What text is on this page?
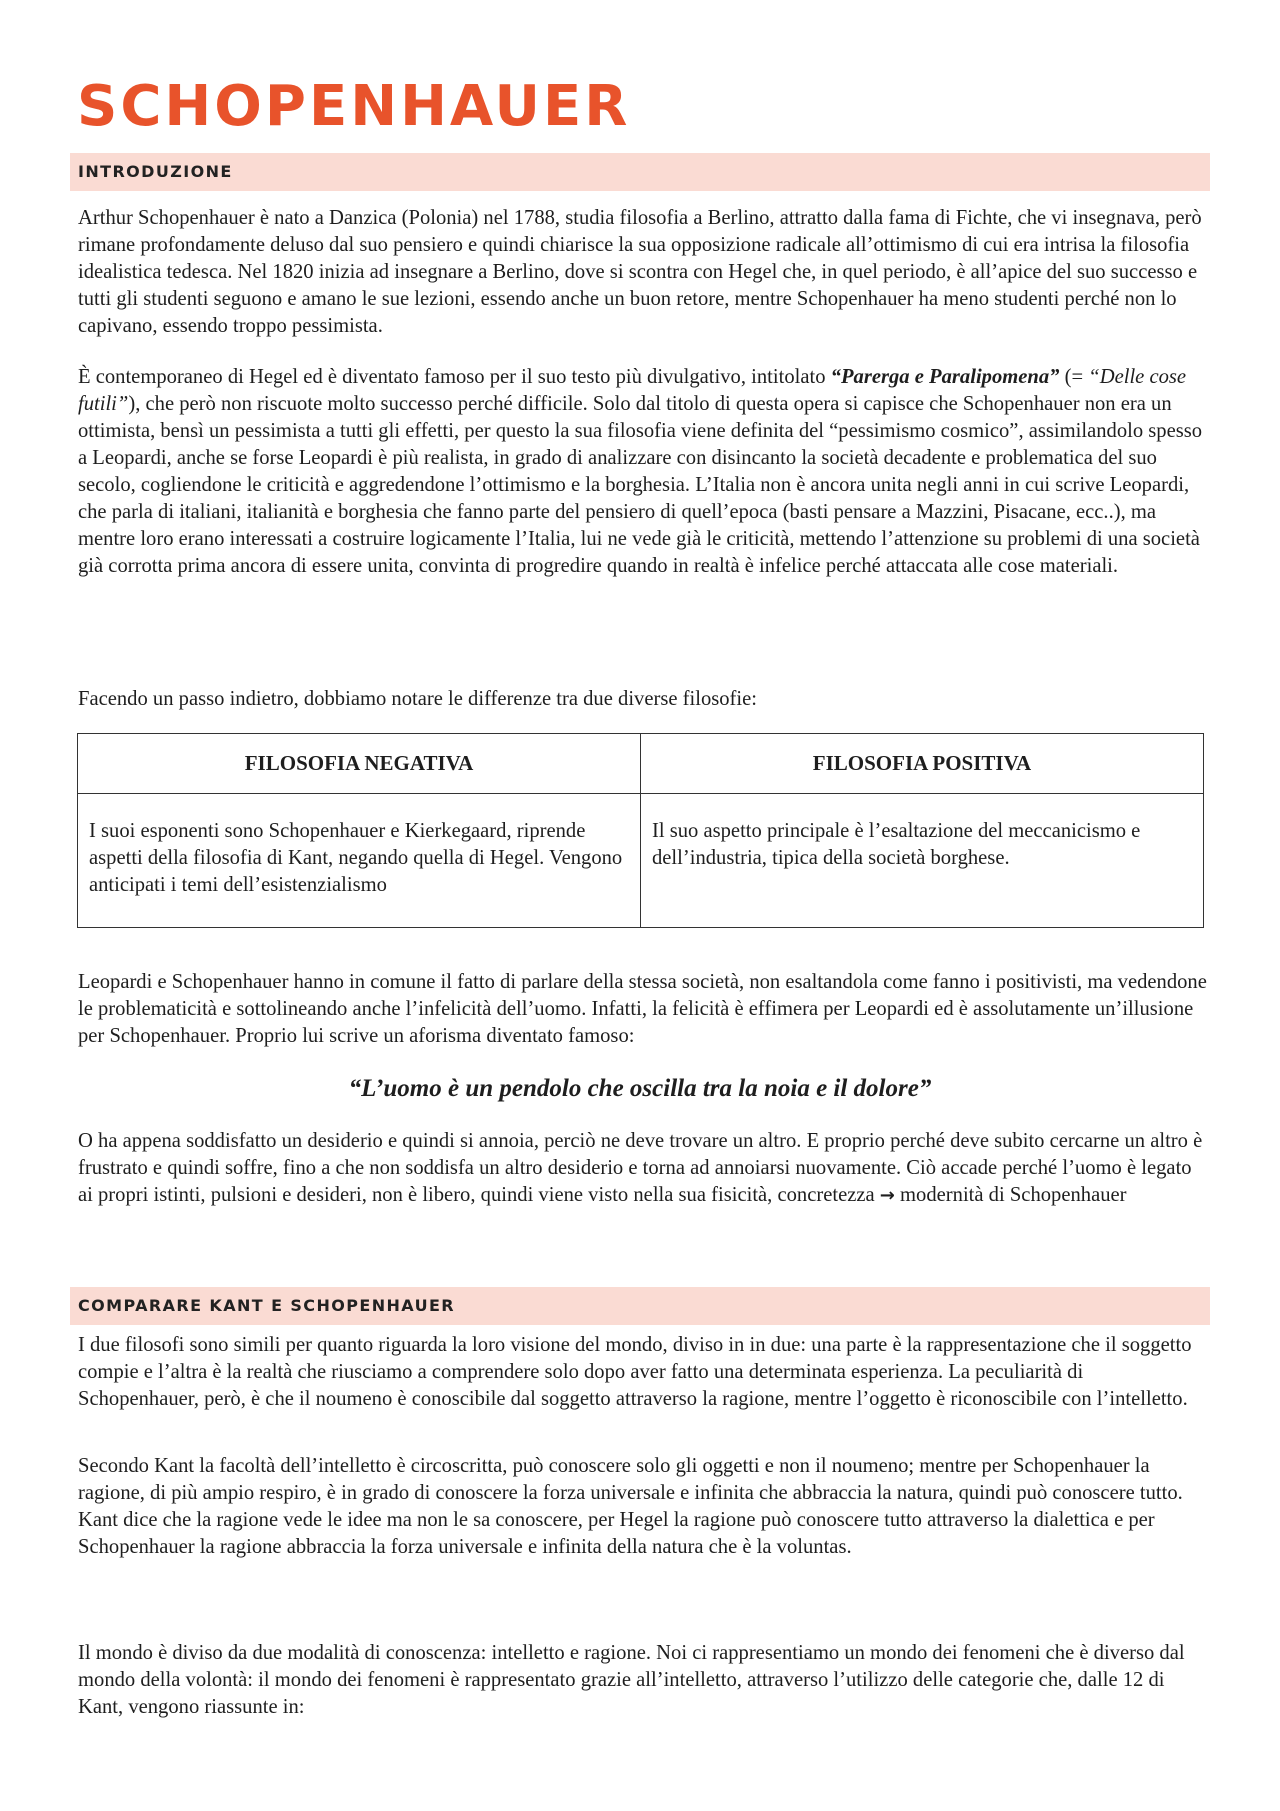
SCHOPENHAUER
INTRODUZIONE

Arthur Schopenhauer è nato a Danzica (Polonia) nel 1788, studia filosofia a Berlino, attratto dalla fama di Fichte, che vi insegnava, però rimane profondamente deluso dal suo pensiero e quindi chiarisce la sua opposizione radicale all’ottimismo di cui era intrisa la filosofia idealistica tedesca. Nel 1820 inizia ad insegnare a Berlino, dove si scontra con Hegel che, in quel periodo, è all’apice del suo successo e tutti gli studenti seguono e amano le sue lezioni, essendo anche un buon retore, mentre Schopenhauer ha meno studenti perché non lo capivano, essendo troppo pessimista.

È contemporaneo di Hegel ed è diventato famoso per il suo testo più divulgativo, intitolato “Parerga e Paralipomena” (= “Delle cose futili”), che però non riscuote molto successo perché difficile. Solo dal titolo di questa opera si capisce che Schopenhauer non era un ottimista, bensì un pessimista a tutti gli effetti, per questo la sua filosofia viene definita del “pessimismo cosmico”, assimilandolo spesso a Leopardi, anche se forse Leopardi è più realista, in grado di analizzare con disincanto la società decadente e problematica del suo secolo, cogliendone le criticità e aggredendone l’ottimismo e la borghesia. L’Italia non è ancora unita negli anni in cui scrive Leopardi, che parla di italiani, italianità e borghesia che fanno parte del pensiero di quell’epoca (basti pensare a Mazzini, Pisacane, ecc..), ma mentre loro erano interessati a costruire logicamente l’Italia, lui ne vede già le criticità, mettendo l’attenzione su problemi di una società già corrotta prima ancora di essere unita, convinta di progredire quando in realtà è infelice perché attaccata alle cose materiali.

Facendo un passo indietro, dobbiamo notare le differenze tra due diverse filosofie:

FILOSOFIA NEGATIVA	FILOSOFIA POSITIVA
I suoi esponenti sono Schopenhauer e Kierkegaard, riprende aspetti della filosofia di Kant, negando quella di Hegel. Vengono anticipati i temi dell’esistenzialismo	Il suo aspetto principale è l’esaltazione del meccanicismo e dell’industria, tipica della società borghese.

Leopardi e Schopenhauer hanno in comune il fatto di parlare della stessa società, non esaltandola come fanno i positivisti, ma vedendone le problematicità e sottolineando anche l’infelicità dell’uomo. Infatti, la felicità è effimera per Leopardi ed è assolutamente un’illusione per Schopenhauer. Proprio lui scrive un aforisma diventato famoso:

“L’uomo è un pendolo che oscilla tra la noia e il dolore”

O ha appena soddisfatto un desiderio e quindi si annoia, perciò ne deve trovare un altro. E proprio perché deve subito cercarne un altro è frustrato e quindi soffre, fino a che non soddisfa un altro desiderio e torna ad annoiarsi nuovamente. Ciò accade perché l’uomo è legato ai propri istinti, pulsioni e desideri, non è libero, quindi viene visto nella sua fisicità, concretezza → modernità di Schopenhauer

COMPARARE KANT E SCHOPENHAUER

I due filosofi sono simili per quanto riguarda la loro visione del mondo, diviso in in due: una parte è la rappresentazione che il soggetto compie e l’altra è la realtà che riusciamo a comprendere solo dopo aver fatto una determinata esperienza. La peculiarità di Schopenhauer, però, è che il noumeno è conoscibile dal soggetto attraverso la ragione, mentre l’oggetto è riconoscibile con l’intelletto.

Secondo Kant la facoltà dell’intelletto è circoscritta, può conoscere solo gli oggetti e non il noumeno; mentre per Schopenhauer la ragione, di più ampio respiro, è in grado di conoscere la forza universale e infinita che abbraccia la natura, quindi può conoscere tutto. Kant dice che la ragione vede le idee ma non le sa conoscere, per Hegel la ragione può conoscere tutto attraverso la dialettica e per Schopenhauer la ragione abbraccia la forza universale e infinita della natura che è la voluntas.

Il mondo è diviso da due modalità di conoscenza: intelletto e ragione. Noi ci rappresentiamo un mondo dei fenomeni che è diverso dal mondo della volontà: il mondo dei fenomeni è rappresentato grazie all’intelletto, attraverso l’utilizzo delle categorie che, dalle 12 di Kant, vengono riassunte in:
